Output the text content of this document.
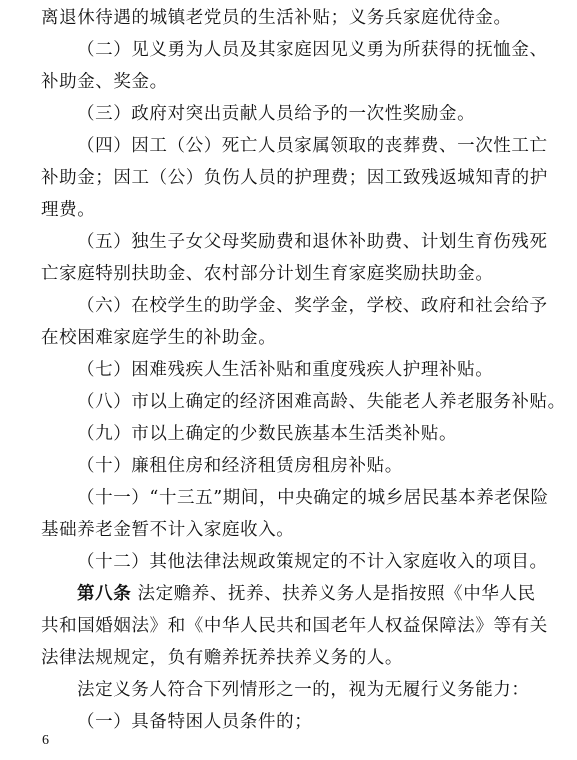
离退休待遇的城镇老党员的生活补贴；义务兵家庭优待金。
（二）见义勇为人员及其家庭因见义勇为所获得的抚恤金、
补助金、奖金。
（三）政府对突出贡献人员给予的一次性奖励金。
（四）因工（公）死亡人员家属领取的丧葬费、一次性工亡
补助金；因工（公）负伤人员的护理费；因工致残返城知青的护
理费。
（五）独生子女父母奖励费和退休补助费、计划生育伤残死
亡家庭特别扶助金、农村部分计划生育家庭奖励扶助金。
（六）在校学生的助学金、奖学金，学校、政府和社会给予
在校困难家庭学生的补助金。
（七）困难残疾人生活补贴和重度残疾人护理补贴。
（八）市以上确定的经济困难高龄、失能老人养老服务补贴。
（九）市以上确定的少数民族基本生活类补贴。
（十）廉租住房和经济租赁房租房补贴。
（十一）“十三五”期间，中央确定的城乡居民基本养老保险
基础养老金暂不计入家庭收入。
（十二）其他法律法规政策规定的不计入家庭收入的项目。
第八条 法定赡养、抚养、扶养义务人是指按照《中华人民
共和国婚姻法》和《中华人民共和国老年人权益保障法》等有关
法律法规规定，负有赡养抚养扶养义务的人。
6
法定义务人符合下列情形之一的，视为无履行义务能力：
（一）具备特困人员条件的；
